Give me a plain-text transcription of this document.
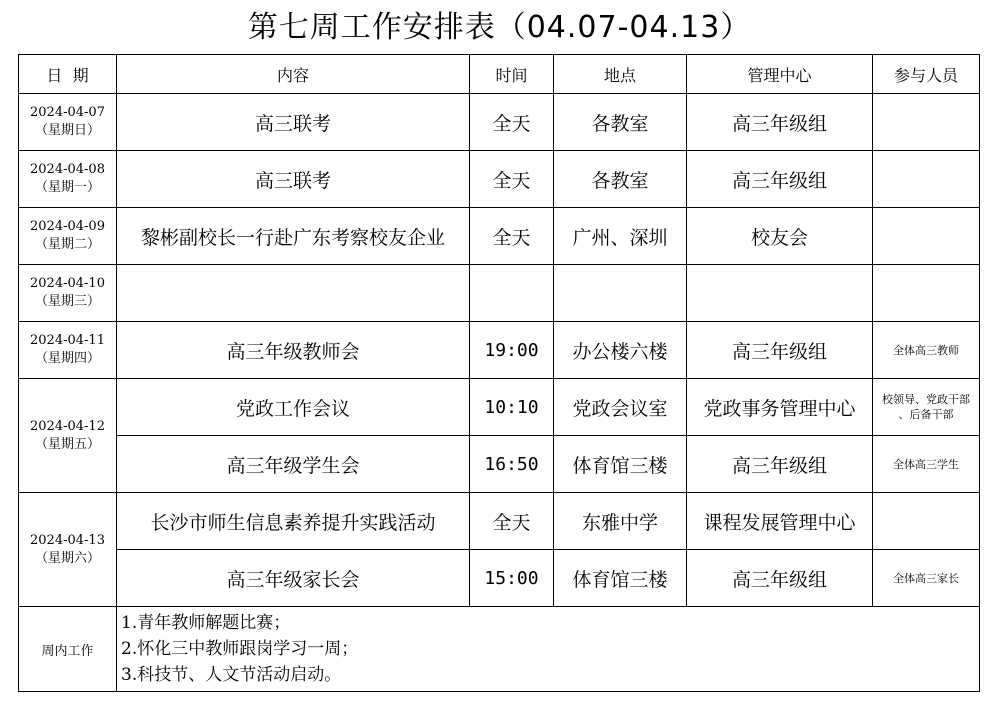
第七周工作安排表（04.07-04.13）
日  期	内容	时间	地点	管理中心	参与人员

2024-04-07
（星期日）	高三联考	全天	各教室	高三年级组	

2024-04-08
（星期一）	高三联考	全天	各教室	高三年级组	

2024-04-09
（星期二）	黎彬副校长一行赴广东考察校友企业	全天	广州、深圳	校友会	

2024-04-10
（星期三）					

2024-04-11
（星期四）	高三年级教师会	19:00	办公楼六楼	高三年级组	全体高三教师

2024-04-12
（星期五）	党政工作会议	10:10	党政会议室	党政事务管理中心	校领导、党政干部
、后备干部

	高三年级学生会	16:50	体育馆三楼	高三年级组	全体高三学生

2024-04-13
（星期六）	长沙市师生信息素养提升实践活动	全天	东雅中学	课程发展管理中心	
	高三年级家长会	15:00	体育馆三楼	高三年级组	全体高三家长
周内工作	1.青年教师解题比赛；
2.怀化三中教师跟岗学习一周；
3.科技节、人文节活动启动。				
